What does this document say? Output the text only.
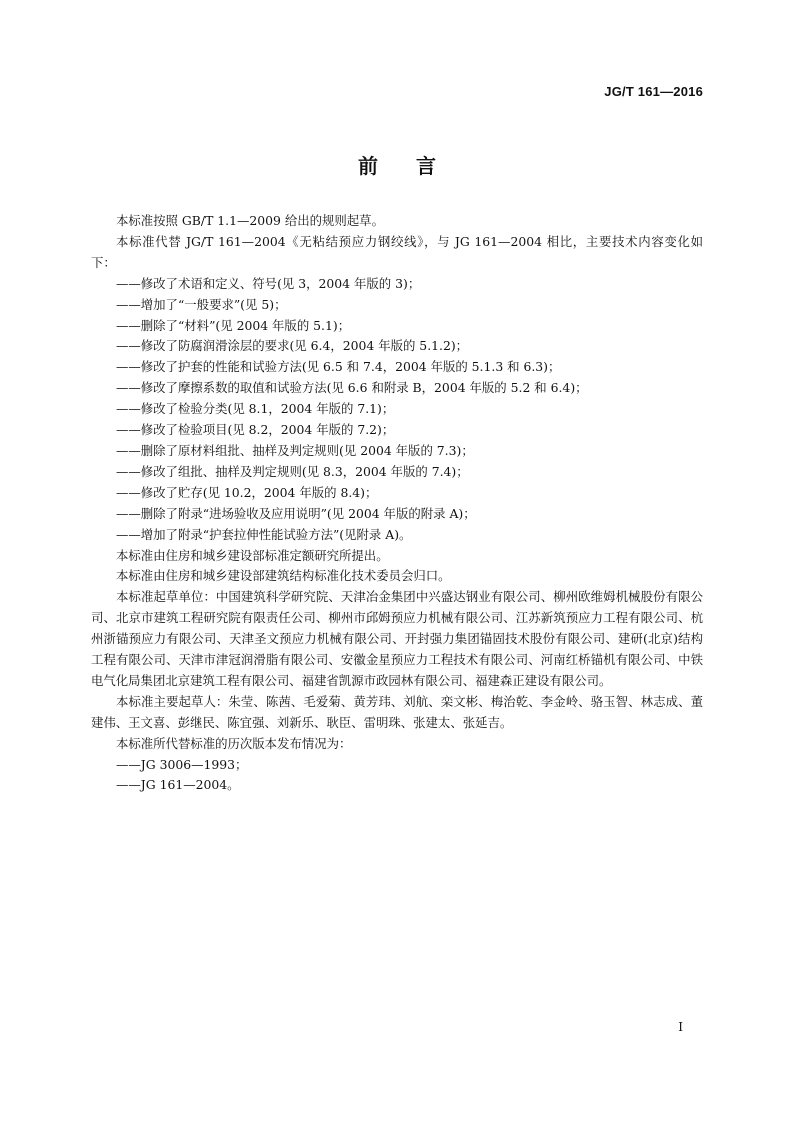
JG/T 161—2016
前 言

本标准按照 GB/T 1.1—2009 给出的规则起草。

本标准代替 JG/T 161—2004《无粘结预应力钢绞线》，与 JG 161—2004 相比，主要技术内容变化如下：

——修改了术语和定义、符号(见 3，2004 年版的 3)；

——增加了“一般要求”(见 5)；

——删除了“材料”(见 2004 年版的 5.1)；

——修改了防腐润滑涂层的要求(见 6.4，2004 年版的 5.1.2)；

——修改了护套的性能和试验方法(见 6.5 和 7.4，2004 年版的 5.1.3 和 6.3)；

——修改了摩擦系数的取值和试验方法(见 6.6 和附录 B，2004 年版的 5.2 和 6.4)；

——修改了检验分类(见 8.1，2004 年版的 7.1)；

——修改了检验项目(见 8.2，2004 年版的 7.2)；

——删除了原材料组批、抽样及判定规则(见 2004 年版的 7.3)；

——修改了组批、抽样及判定规则(见 8.3，2004 年版的 7.4)；

——修改了贮存(见 10.2，2004 年版的 8.4)；

——删除了附录“进场验收及应用说明”(见 2004 年版的附录 A)；

——增加了附录“护套拉伸性能试验方法”(见附录 A)。

本标准由住房和城乡建设部标准定额研究所提出。

本标准由住房和城乡建设部建筑结构标准化技术委员会归口。

本标准起草单位：中国建筑科学研究院、天津冶金集团中兴盛达钢业有限公司、柳州欧维姆机械股份有限公司、北京市建筑工程研究院有限责任公司、柳州市邱姆预应力机械有限公司、江苏新筑预应力工程有限公司、杭州浙锚预应力有限公司、天津圣文预应力机械有限公司、开封强力集团锚固技术股份有限公司、建研(北京)结构工程有限公司、天津市津冠润滑脂有限公司、安徽金星预应力工程技术有限公司、河南红桥锚机有限公司、中铁电气化局集团北京建筑工程有限公司、福建省凯源市政园林有限公司、福建森正建设有限公司。

本标准主要起草人：朱莹、陈茜、毛爱菊、黄芳玮、刘航、栾文彬、梅治乾、李金岭、骆玉智、林志成、董建伟、王文喜、彭继民、陈宜强、刘新乐、耿臣、雷明珠、张建太、张延吉。

本标准所代替标准的历次版本发布情况为：

——JG 3006—1993；

——JG 161—2004。

I
